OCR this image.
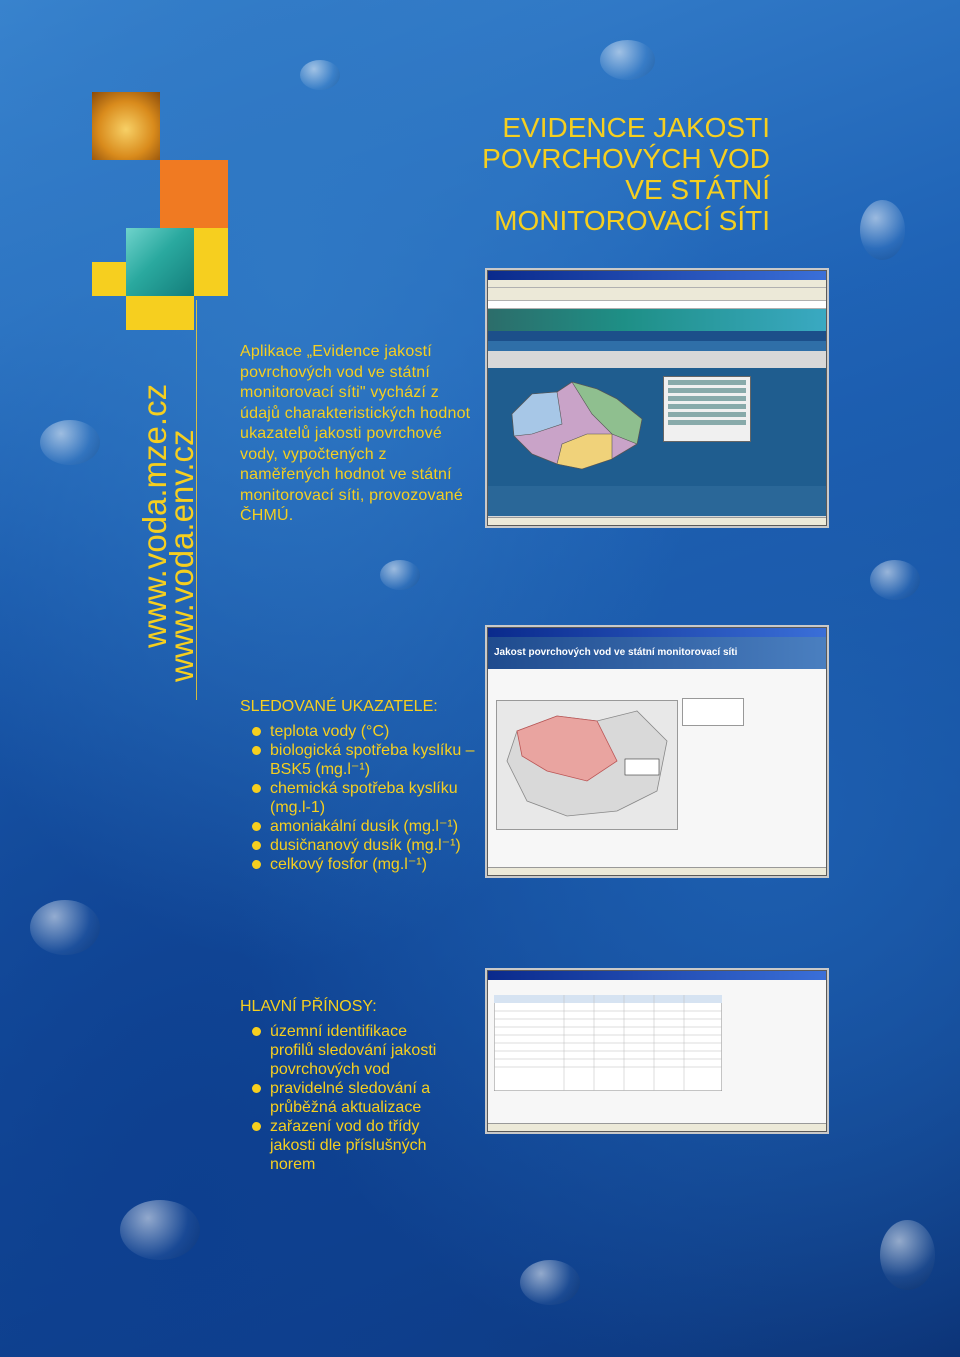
www.voda.mze.cz
www.voda.env.cz
EVIDENCE JAKOSTI
POVRCHOVÝCH VOD
VE STÁTNÍ
MONITOROVACÍ SÍTI
Aplikace „Evidence jakostí povrchových vod ve státní monitorovací síti" vychází z údajů charakteristických hodnot ukazatelů jakosti povrchové vody, vypočtených z naměřených hodnot ve státní monitorovací síti, provozované ČHMÚ.
SLEDOVANÉ UKAZATELE:
teplota vody (°C)
biologická spotřeba kyslíku – BSK5 (mg.l⁻¹)
chemická spotřeba kyslíku (mg.l-1)
amoniakální dusík (mg.l⁻¹)
dusičnanový dusík (mg.l⁻¹)
celkový fosfor (mg.l⁻¹)
HLAVNÍ PŘÍNOSY:
územní identifikace profilů sledování jakosti povrchových vod
pravidelné sledování a průběžná aktualizace
zařazení vod do třídy jakosti dle příslušných norem
Jakost povrchových vod ve státní monitorovací síti
